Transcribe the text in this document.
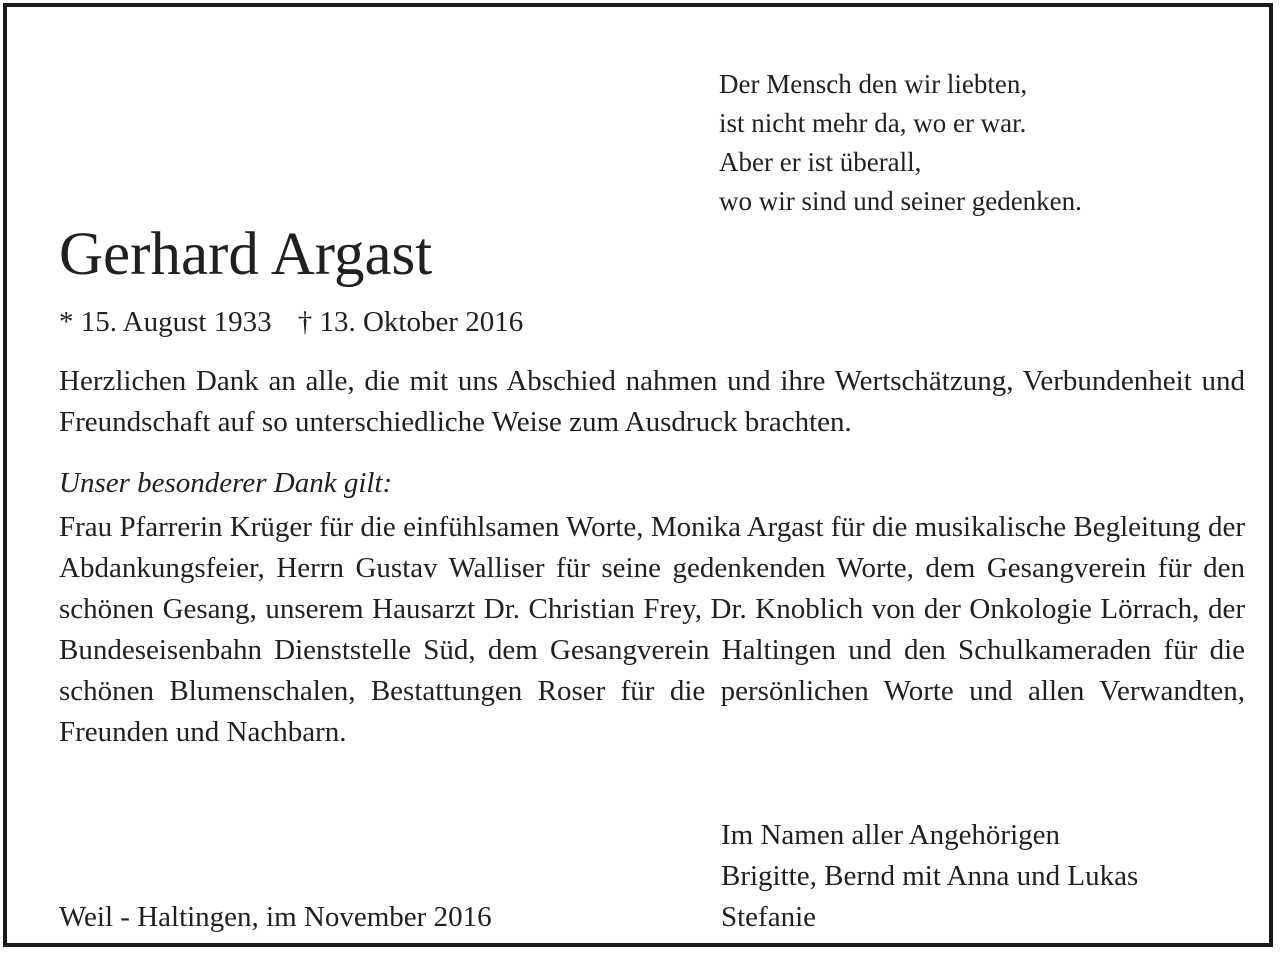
Der Mensch den wir liebten,
ist nicht mehr da, wo er war.
Aber er ist überall,
wo wir sind und seiner gedenken.
Gerhard Argast
* 15. August 1933 † 13. Oktober 2016
Herzlichen Dank an alle, die mit uns Abschied nahmen und ihre Wertschätzung, Verbundenheit und Freundschaft auf so unterschiedliche Weise zum Ausdruck brachten.
Unser besonderer Dank gilt:
Frau Pfarrerin Krüger für die einfühlsamen Worte, Monika Argast für die musikalische Begleitung der Abdankungsfeier, Herrn Gustav Walliser für seine gedenkenden Worte, dem Gesangverein für den schönen Gesang, unserem Hausarzt Dr. Christian Frey, Dr. Knoblich von der Onkologie Lörrach, der Bundeseisenbahn Dienststelle Süd, dem Gesangverein Haltingen und den Schulkameraden für die schönen Blumenschalen, Bestattungen Roser für die persönlichen Worte und allen Verwandten, Freunden und Nachbarn.
Im Namen aller Angehörigen
Brigitte, Bernd mit Anna und Lukas
Stefanie
Weil - Haltingen, im November 2016
